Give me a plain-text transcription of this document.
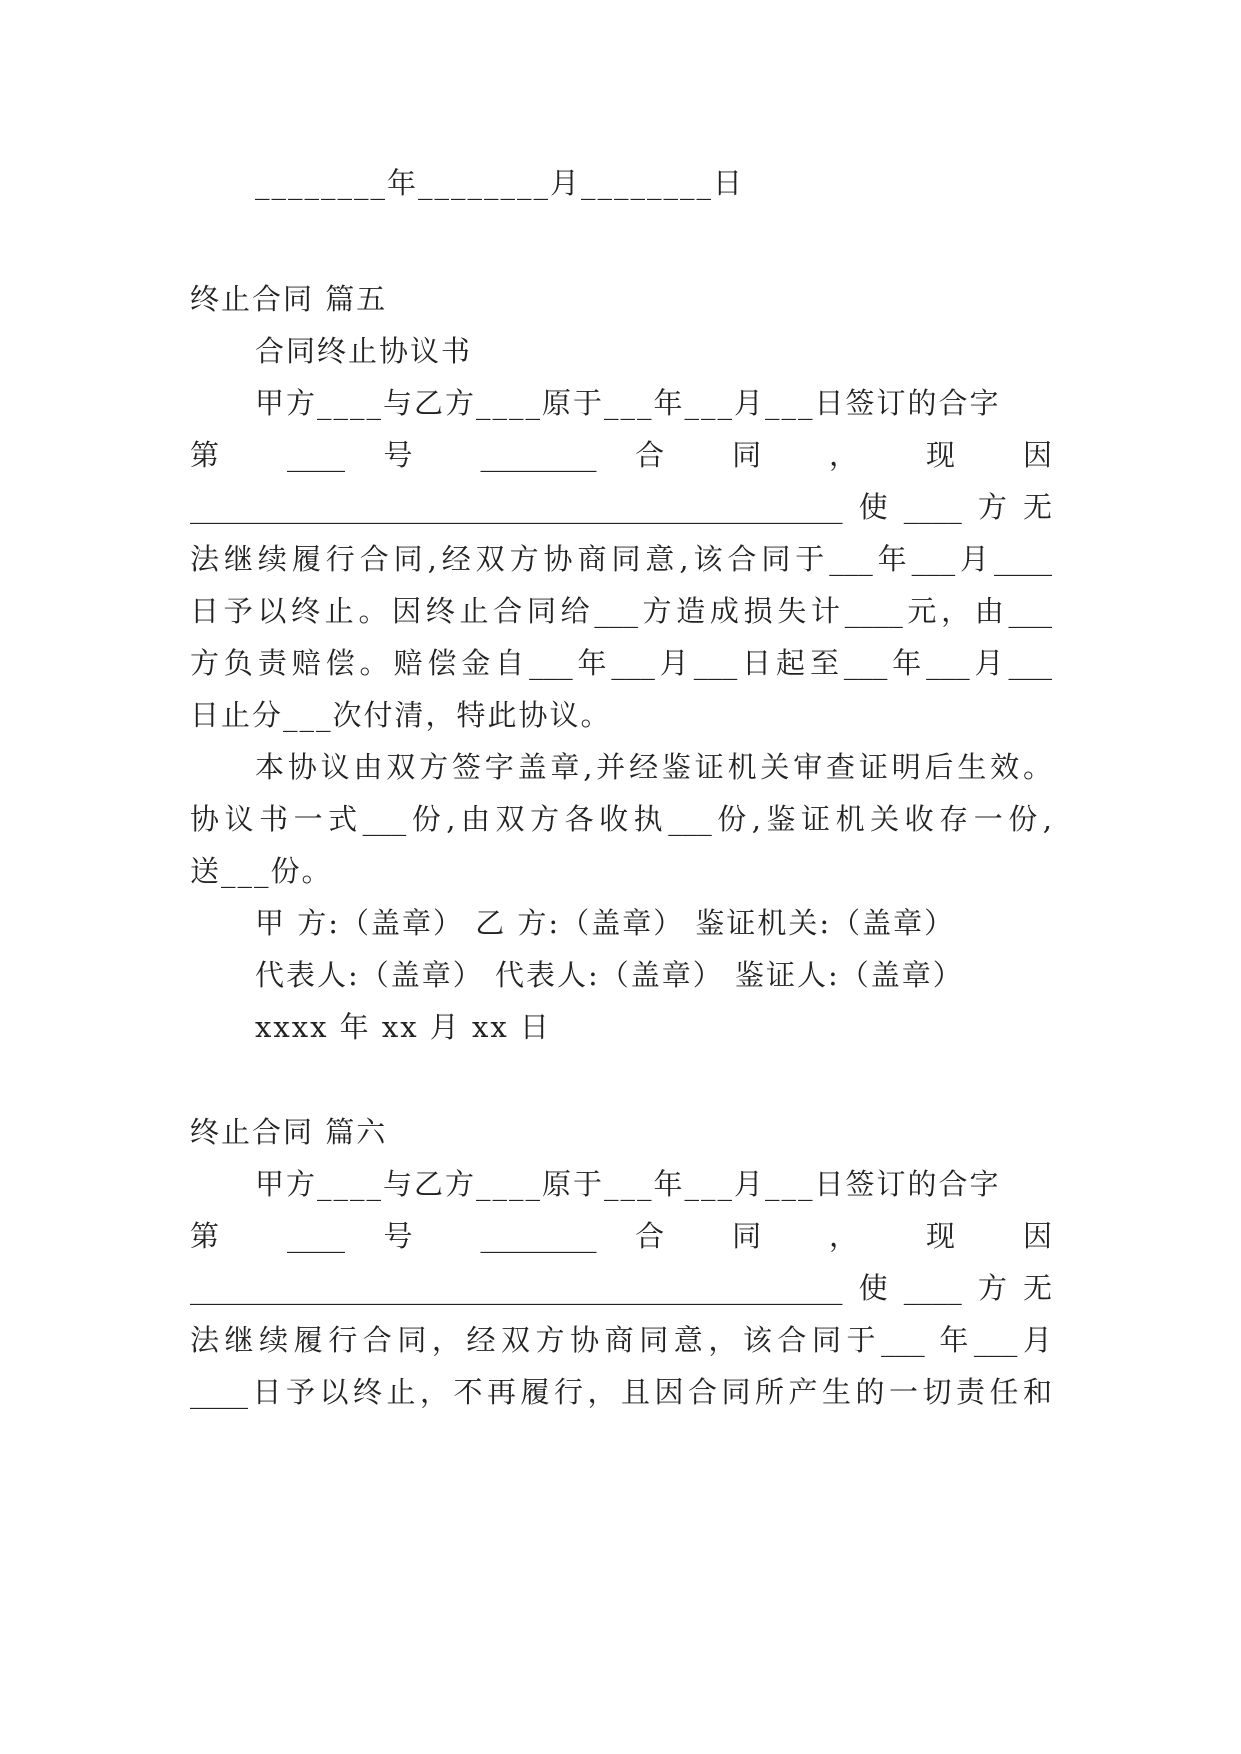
________年________月________日
终止合同 篇五
合同终止协议书
甲方____与乙方____原于___年___月___日签订的合字
第 ____ 号 ________ 合 同 ， 现 因
_____________________________________________使____方无
法继续履行合同,经双方协商同意,该合同于___年___月____
日予以终止。因终止合同给___方造成损失计____元，由___
方负责赔偿。赔偿金自___年___月___日起至___年___月___
日止分___次付清，特此协议。
本协议由双方签字盖章,并经鉴证机关审查证明后生效。
协议书一式___份,由双方各收执___份,鉴证机关收存一份,
送___份。
甲 方:（盖章） 乙 方:（盖章） 鉴证机关:（盖章）
代表人:（盖章） 代表人:（盖章） 鉴证人:（盖章）
xxxx 年 xx 月 xx 日
终止合同 篇六
甲方____与乙方____原于___年___月___日签订的合字
第 ____ 号 ________ 合 同 ， 现 因
_____________________________________________使____方无
法继续履行合同，经双方协商同意，该合同于___ 年___月
____日予以终止，不再履行，且因合同所产生的一切责任和
